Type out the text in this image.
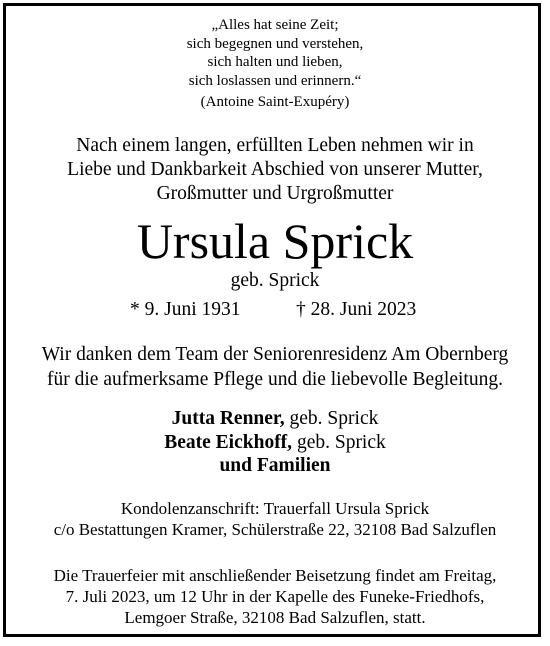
„Alles hat seine Zeit;
sich begegnen und verstehen,
sich halten und lieben,
sich loslassen und erinnern.“
(Antoine Saint-Exupéry)
Nach einem langen, erfüllten Leben nehmen wir in
Liebe und Dankbarkeit Abschied von unserer Mutter,
Großmutter und Urgroßmutter
Ursula Sprick
geb. Sprick
* 9. Juni 1931	† 28. Juni 2023
Wir danken dem Team der Seniorenresidenz Am Obernberg
für die aufmerksame Pflege und die liebevolle Begleitung.
Jutta Renner, geb. Sprick
Beate Eickhoff, geb. Sprick
und Familien
Kondolenzanschrift: Trauerfall Ursula Sprick
c/o Bestattungen Kramer, Schülerstraße 22, 32108 Bad Salzuflen
Die Trauerfeier mit anschließender Beisetzung findet am Freitag,
7. Juli 2023, um 12 Uhr in der Kapelle des Funeke-Friedhofs,
Lemgoer Straße, 32108 Bad Salzuflen, statt.
